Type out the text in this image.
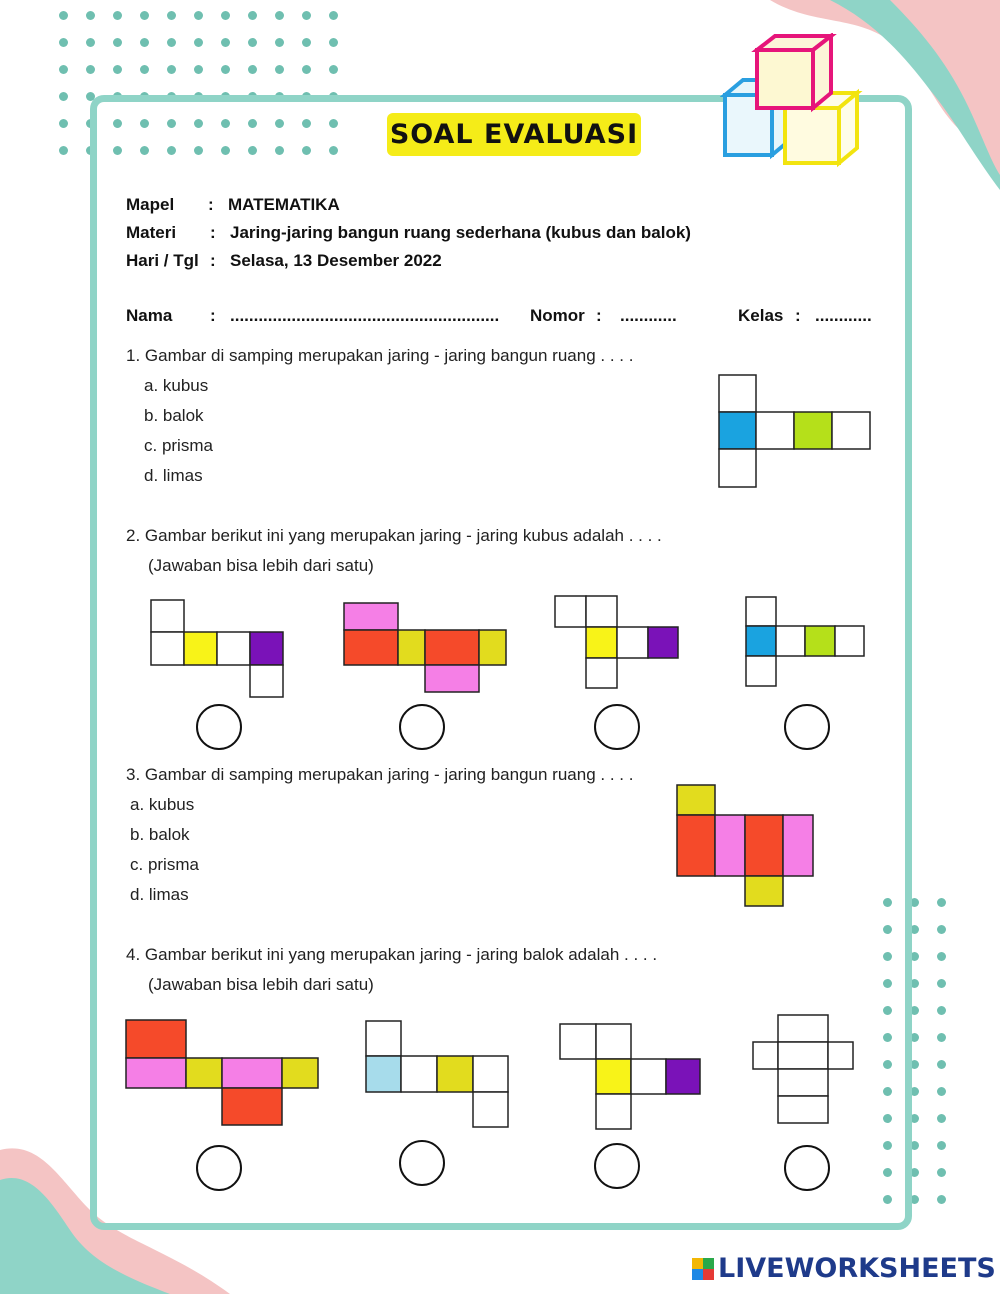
SOAL EVALUASI
Mapel : MATEMATIKA
Materi : Jaring-jaring bangun ruang sederhana (kubus dan balok)
Hari / Tgl : Selasa, 13 Desember 2022
Nama : ......................................................... Nomor : ............	Kelas : ............
1. Gambar di samping merupakan jaring - jaring bangun ruang . . . .
a. kubus
b. balok
c. prisma
d. limas
2. Gambar berikut ini yang merupakan jaring - jaring kubus adalah . . . .
(Jawaban bisa lebih dari satu)
3. Gambar di samping merupakan jaring - jaring bangun ruang . . . .
a. kubus
b. balok
c. prisma
d. limas
4. Gambar berikut ini yang merupakan jaring - jaring balok adalah . . . .
(Jawaban bisa lebih dari satu)
LIVEWORKSHEETS
